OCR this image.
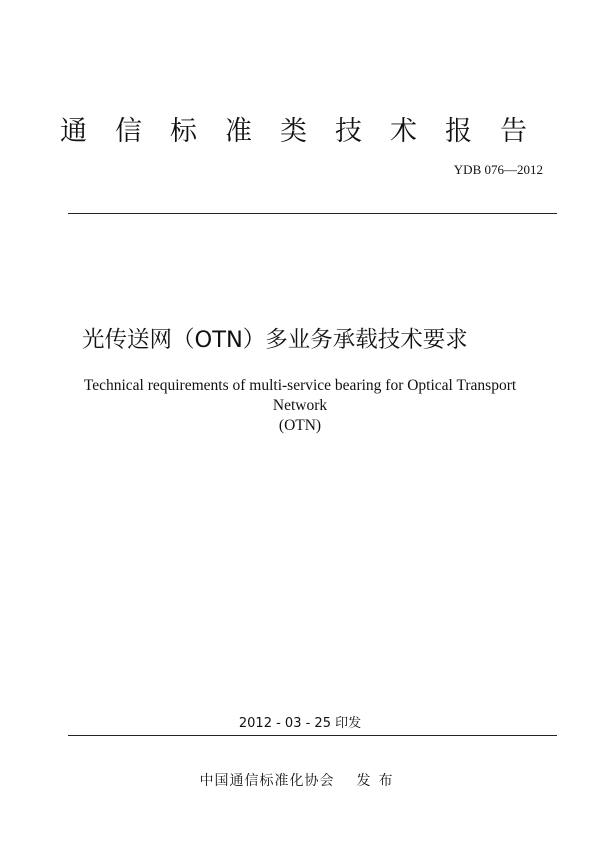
通信标准类技术报告
YDB 076—2012
光传送网（OTN）多业务承载技术要求
Technical requirements of multi-service bearing for Optical Transport Network
(OTN)
2012 - 03 - 25 印发
中国通信标准化协会 发布
